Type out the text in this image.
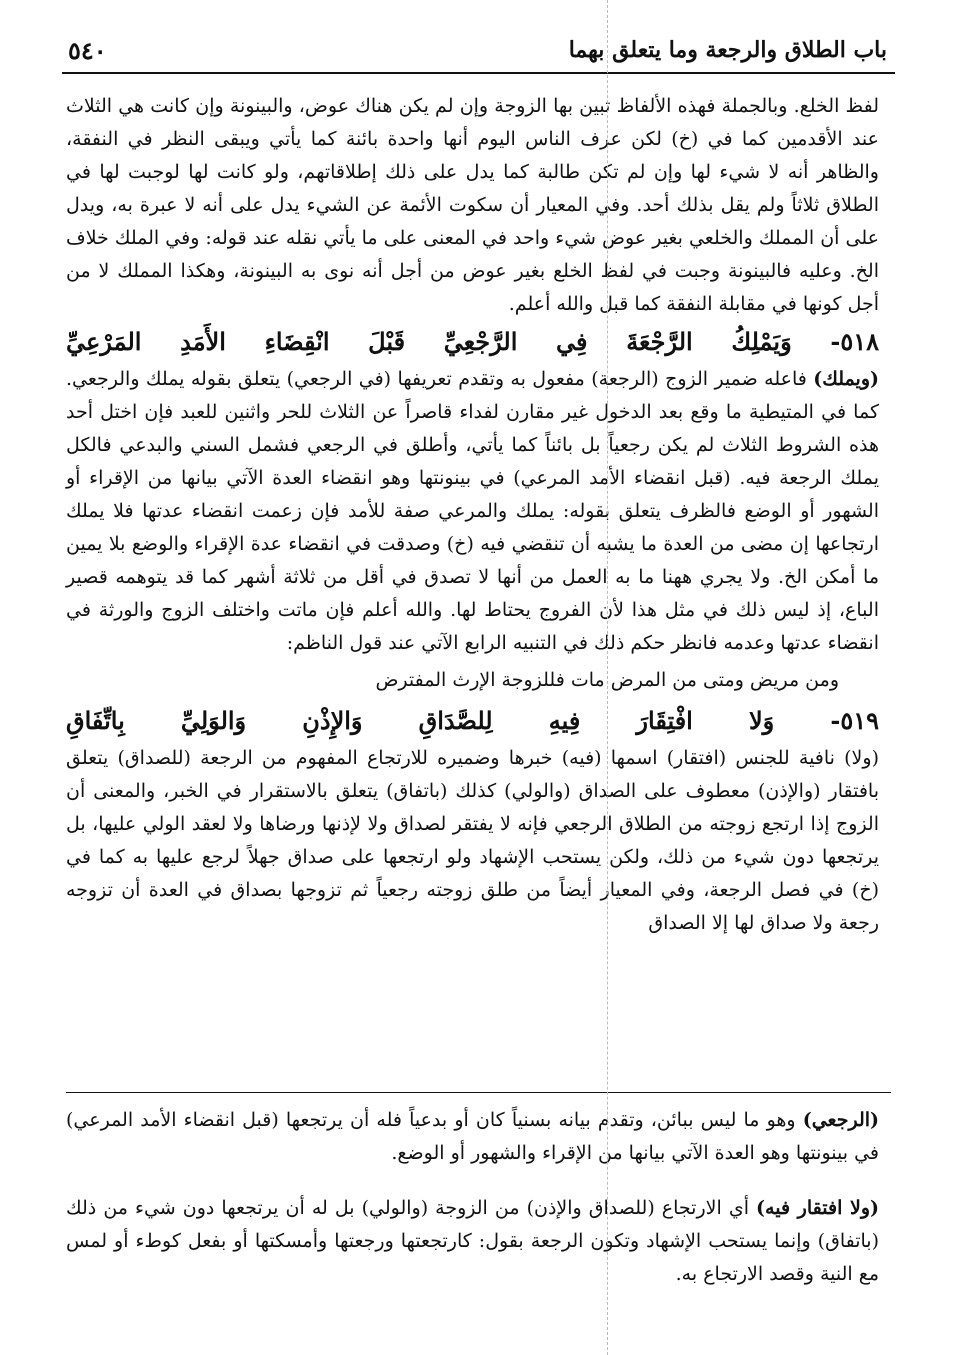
باب الطلاق والرجعة وما يتعلق بهما
٥٤٠

لفظ الخلع. وبالجملة فهذه الألفاظ تبين بها الزوجة وإن لم يكن هناك عوض، والبينونة وإن كانت هي الثلاث عند الأقدمين كما في (خ) لكن عرف الناس اليوم أنها واحدة بائنة كما يأتي ويبقى النظر في النفقة، والظاهر أنه لا شيء لها وإن لم تكن طالبة كما يدل على ذلك إطلاقاتهم، ولو كانت لها لوجبت لها في الطلاق ثلاثاً ولم يقل بذلك أحد. وفي المعيار أن سكوت الأئمة عن الشيء يدل على أنه لا عبرة به، ويدل على أن المملك والخلعي بغير عوض شيء واحد في المعنى على ما يأتي نقله عند قوله: وفي الملك خلاف الخ. وعليه فالبينونة وجبت في لفظ الخلع بغير عوض من أجل أنه نوى به البينونة، وهكذا المملك لا من أجل كونها في مقابلة النفقة كما قبل والله أعلم.

٥١٨- وَيَمْلِكُ الرَّجْعَةَ فِي الرَّجْعِيِّ قَبْلَ انْقِضَاءِ الأَمَدِ المَرْعِيِّ

(ويملك) فاعله ضمير الزوج (الرجعة) مفعول به وتقدم تعريفها (في الرجعي) يتعلق بقوله يملك والرجعي. كما في المتيطية ما وقع بعد الدخول غير مقارن لفداء قاصراً عن الثلاث للحر واثنين للعبد فإن اختل أحد هذه الشروط الثلاث لم يكن رجعياً بل بائناً كما يأتي، وأطلق في الرجعي فشمل السني والبدعي فالكل يملك الرجعة فيه. (قبل انقضاء الأمد المرعي) في بينونتها وهو انقضاء العدة الآتي بيانها من الإقراء أو الشهور أو الوضع فالظرف يتعلق بقوله: يملك والمرعي صفة للأمد فإن زعمت انقضاء عدتها فلا يملك ارتجاعها إن مضى من العدة ما يشبه أن تنقضي فيه (خ) وصدقت في انقضاء عدة الإقراء والوضع بلا يمين ما أمكن الخ. ولا يجري ههنا ما به العمل من أنها لا تصدق في أقل من ثلاثة أشهر كما قد يتوهمه قصير الباع، إذ ليس ذلك في مثل هذا لأن الفروج يحتاط لها. والله أعلم فإن ماتت واختلف الزوج والورثة في انقضاء عدتها وعدمه فانظر حكم ذلك في التنبيه الرابع الآتي عند قول الناظم:

ومن مريض ومتى من المرض مات فللزوجة الإرث المفترض

٥١٩- وَلا افْتِقَارَ فِيهِ لِلصَّدَاقِ وَالإِذْنِ وَالوَلِيِّ بِاتِّفَاقِ

(ولا) نافية للجنس (افتقار) اسمها (فيه) خبرها وضميره للارتجاع المفهوم من الرجعة (للصداق) يتعلق بافتقار (والإذن) معطوف على الصداق (والولي) كذلك (باتفاق) يتعلق بالاستقرار في الخبر، والمعنى أن الزوج إذا ارتجع زوجته من الطلاق الرجعي فإنه لا يفتقر لصداق ولا لإذنها ورضاها ولا لعقد الولي عليها، بل يرتجعها دون شيء من ذلك، ولكن يستحب الإشهاد ولو ارتجعها على صداق جهلاً لرجع عليها به كما في (خ) في فصل الرجعة، وفي المعيار أيضاً من طلق زوجته رجعياً ثم تزوجها بصداق في العدة أن تزوجه رجعة ولا صداق لها إلا الصداق

(الرجعي) وهو ما ليس ببائن، وتقدم بيانه بسنياً كان أو بدعياً فله أن يرتجعها (قبل انقضاء الأمد المرعي) في بينونتها وهو العدة الآتي بيانها من الإقراء والشهور أو الوضع.

(ولا افتقار فيه) أي الارتجاع (للصداق والإذن) من الزوجة (والولي) بل له أن يرتجعها دون شيء من ذلك (باتفاق) وإنما يستحب الإشهاد وتكون الرجعة بقول: كارتجعتها ورجعتها وأمسكتها أو بفعل كوطء أو لمس مع النية وقصد الارتجاع به.
